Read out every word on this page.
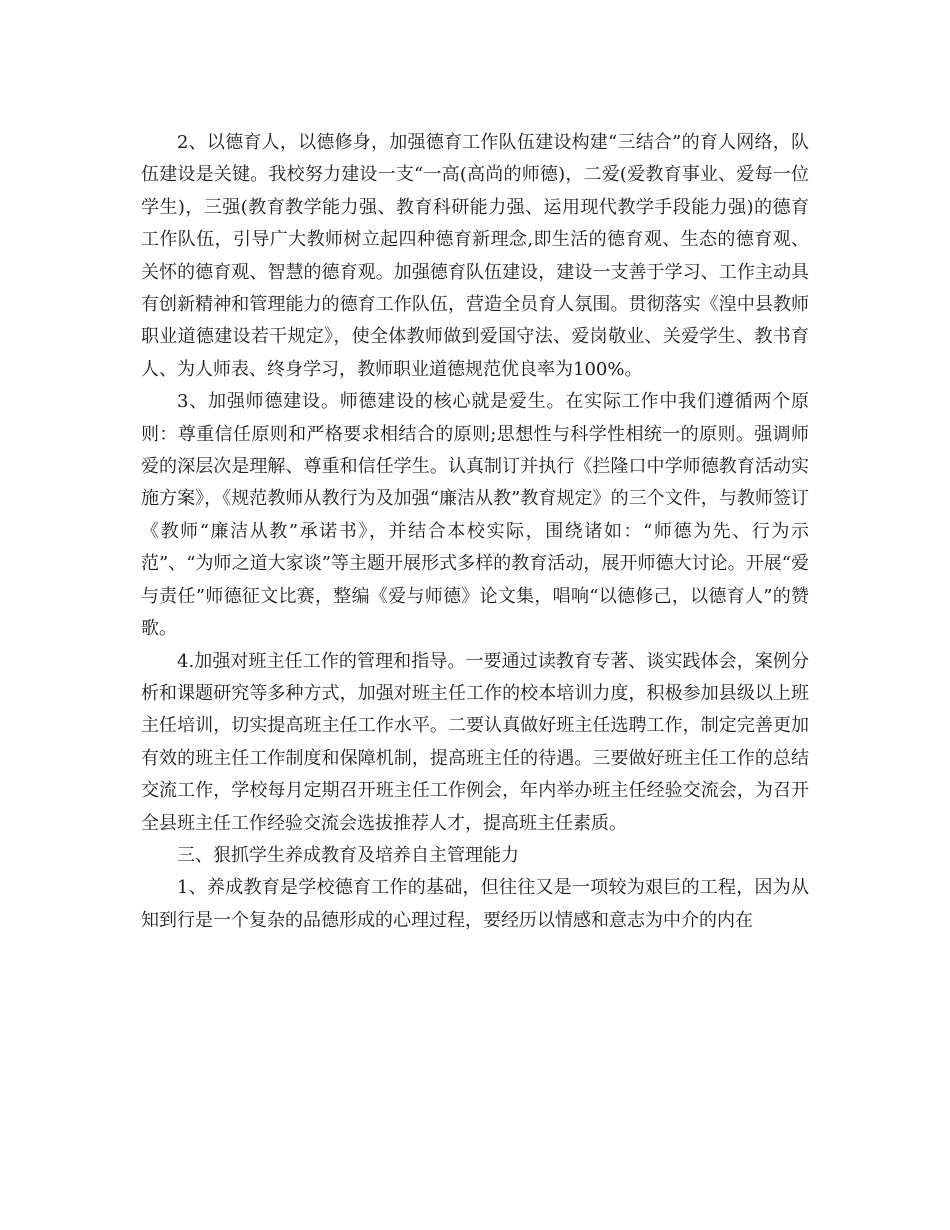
2、以德育人，以德修身，加强德育工作队伍建设构建“三结合”的育人网络，队伍建设是关键。我校努力建设一支“一高(高尚的师德)，二爱(爱教育事业、爱每一位学生)，三强(教育教学能力强、教育科研能力强、运用现代教学手段能力强)的德育工作队伍，引导广大教师树立起四种德育新理念,即生活的德育观、生态的德育观、关怀的德育观、智慧的德育观。加强德育队伍建设，建设一支善于学习、工作主动具有创新精神和管理能力的德育工作队伍，营造全员育人氛围。贯彻落实《湟中县教师职业道德建设若干规定》，使全体教师做到爱国守法、爱岗敬业、关爱学生、教书育人、为人师表、终身学习，教师职业道德规范优良率为100%。

3、加强师德建设。师德建设的核心就是爱生。在实际工作中我们遵循两个原则：尊重信任原则和严格要求相结合的原则;思想性与科学性相统一的原则。强调师爱的深层次是理解、尊重和信任学生。认真制订并执行《拦隆口中学师德教育活动实施方案》，《规范教师从教行为及加强“廉洁从教”教育规定》的三个文件，与教师签订《教师“廉洁从教”承诺书》，并结合本校实际，围绕诸如：“师德为先、行为示范”、“为师之道大家谈”等主题开展形式多样的教育活动，展开师德大讨论。开展“爱与责任”师德征文比赛，整编《爱与师德》论文集，唱响“以德修己，以德育人”的赞歌。

4.加强对班主任工作的管理和指导。一要通过读教育专著、谈实践体会，案例分析和课题研究等多种方式，加强对班主任工作的校本培训力度，积极参加县级以上班主任培训，切实提高班主任工作水平。二要认真做好班主任选聘工作，制定完善更加有效的班主任工作制度和保障机制，提高班主任的待遇。三要做好班主任工作的总结交流工作，学校每月定期召开班主任工作例会，年内举办班主任经验交流会，为召开全县班主任工作经验交流会选拔推荐人才，提高班主任素质。

三、狠抓学生养成教育及培养自主管理能力

1、养成教育是学校德育工作的基础，但往往又是一项较为艰巨的工程，因为从知到行是一个复杂的品德形成的心理过程，要经历以情感和意志为中介的内在
